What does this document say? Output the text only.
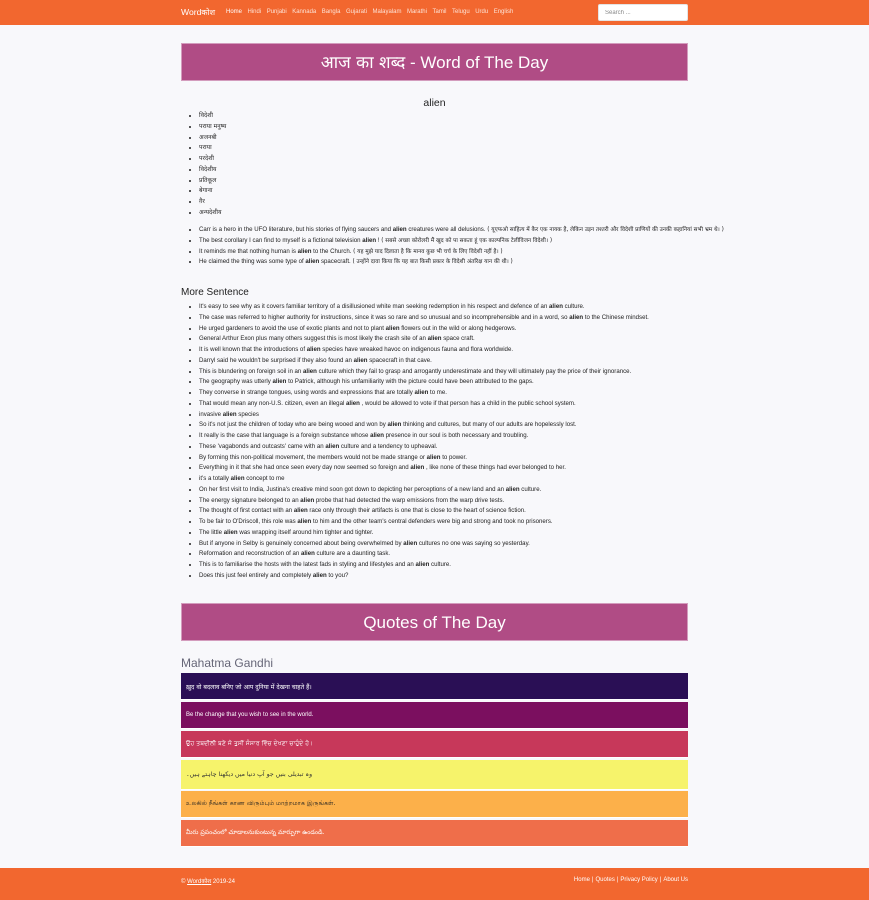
Wordकोश Home Hindi Punjabi Kannada Bangla Gujarati Malayalam Marathi Tamil Telugu Urdu English
Search ...
आज का शब्द - Word of The Day
alien
• विदेशी
• पराया मनुष्य
• अजनबी
• पराया
• परदेशी
• विदेशीय
• प्रतिकूल
• बेगाना
• ग़ैर
• अन्यदेशीय
• Carr is a hero in the UFO literature, but his stories of flying saucers and alien creatures were all delusions. ( यूएफओ साहित्य में कैर एक नायक है, लेकिन उड़न तश्तरी और विदेशी प्राणियों की उनकी कहानियां सभी भ्रम थे। )
• The best corollary I can find to myself is a fictional television alien ! ( सबसे अच्छा कोरोलरी मैं खुद को पा सकता हूं एक काल्पनिक टेलीविजन विदेशी। )
• It reminds me that nothing human is alien to the Church. ( यह मुझे याद दिलाता है कि मानव कुछ भी चर्च के लिए विदेशी नहीं है। )
• He claimed the thing was some type of alien spacecraft. ( उन्होंने दावा किया कि यह बात किसी प्रकार के विदेशी अंतरिक्ष यान की थी। )
More Sentence
• It's easy to see why as it covers familiar territory of a disillusioned white man seeking redemption in his respect and defence of an alien culture.
• The case was referred to higher authority for instructions, since it was so rare and so unusual and so incomprehensible and in a word, so alien to the Chinese mindset.
• He urged gardeners to avoid the use of exotic plants and not to plant alien flowers out in the wild or along hedgerows.
• General Arthur Exon plus many others suggest this is most likely the crash site of an alien space craft.
• It is well known that the introductions of alien species have wreaked havoc on indigenous fauna and flora worldwide.
• Darryl said he wouldn't be surprised if they also found an alien spacecraft in that cave.
• This is blundering on foreign soil in an alien culture which they fail to grasp and arrogantly underestimate and they will ultimately pay the price of their ignorance.
• The geography was utterly alien to Patrick, although his unfamiliarity with the picture could have been attributed to the gaps.
• They converse in strange tongues, using words and expressions that are totally alien to me.
• That would mean any non-U.S. citizen, even an illegal alien , would be allowed to vote if that person has a child in the public school system.
• invasive alien species
• So it's not just the children of today who are being wooed and won by alien thinking and cultures, but many of our adults are hopelessly lost.
• It really is the case that language is a foreign substance whose alien presence in our soul is both necessary and troubling.
• These 'vagabonds and outcasts' came with an alien culture and a tendency to upheaval.
• By forming this non-political movement, the members would not be made strange or alien to power.
• Everything in it that she had once seen every day now seemed so foreign and alien , like none of these things had ever belonged to her.
• it's a totally alien concept to me
• On her first visit to India, Justina's creative mind soon got down to depicting her perceptions of a new land and an alien culture.
• The energy signature belonged to an alien probe that had detected the warp emissions from the warp drive tests.
• The thought of first contact with an alien race only through their artifacts is one that is close to the heart of science fiction.
• To be fair to O'Driscoll, this role was alien to him and the other team's central defenders were big and strong and took no prisoners.
• The little alien was wrapping itself around him tighter and tighter.
• But if anyone in Selby is genuinely concerned about being overwhelmed by alien cultures no one was saying so yesterday.
• Reformation and reconstruction of an alien culture are a daunting task.
• This is to familiarise the hosts with the latest fads in styling and lifestyles and an alien culture.
• Does this just feel entirely and completely alien to you?
Quotes of The Day
Mahatma Gandhi
ख़ुद वो बदलाव बनिए जो आप दुनिया में देखना चाहते हैं।
Be the change that you wish to see in the world.
ਉਹ ਤਬਦੀਲੀ ਬਣੋ ਜੋ ਤੁਸੀਂ ਸੰਸਾਰ ਵਿੱਚ ਦੇਖਣਾ ਚਾਹੁੰਦੇ ਹੋ।
وہ تبدیلی بنیں جو آپ دنیا میں دیکھنا چاہتے ہیں۔
உலகில் நீங்கள் காண விரும்பும் மாற்றமாக இருங்கள்.
మీరు ప్రపంచంలో చూడాలనుకుంటున్న మార్పుగా ఉండండి.
© Wordकोश 2019-24	Home | Quotes | Privacy Policy | About Us
